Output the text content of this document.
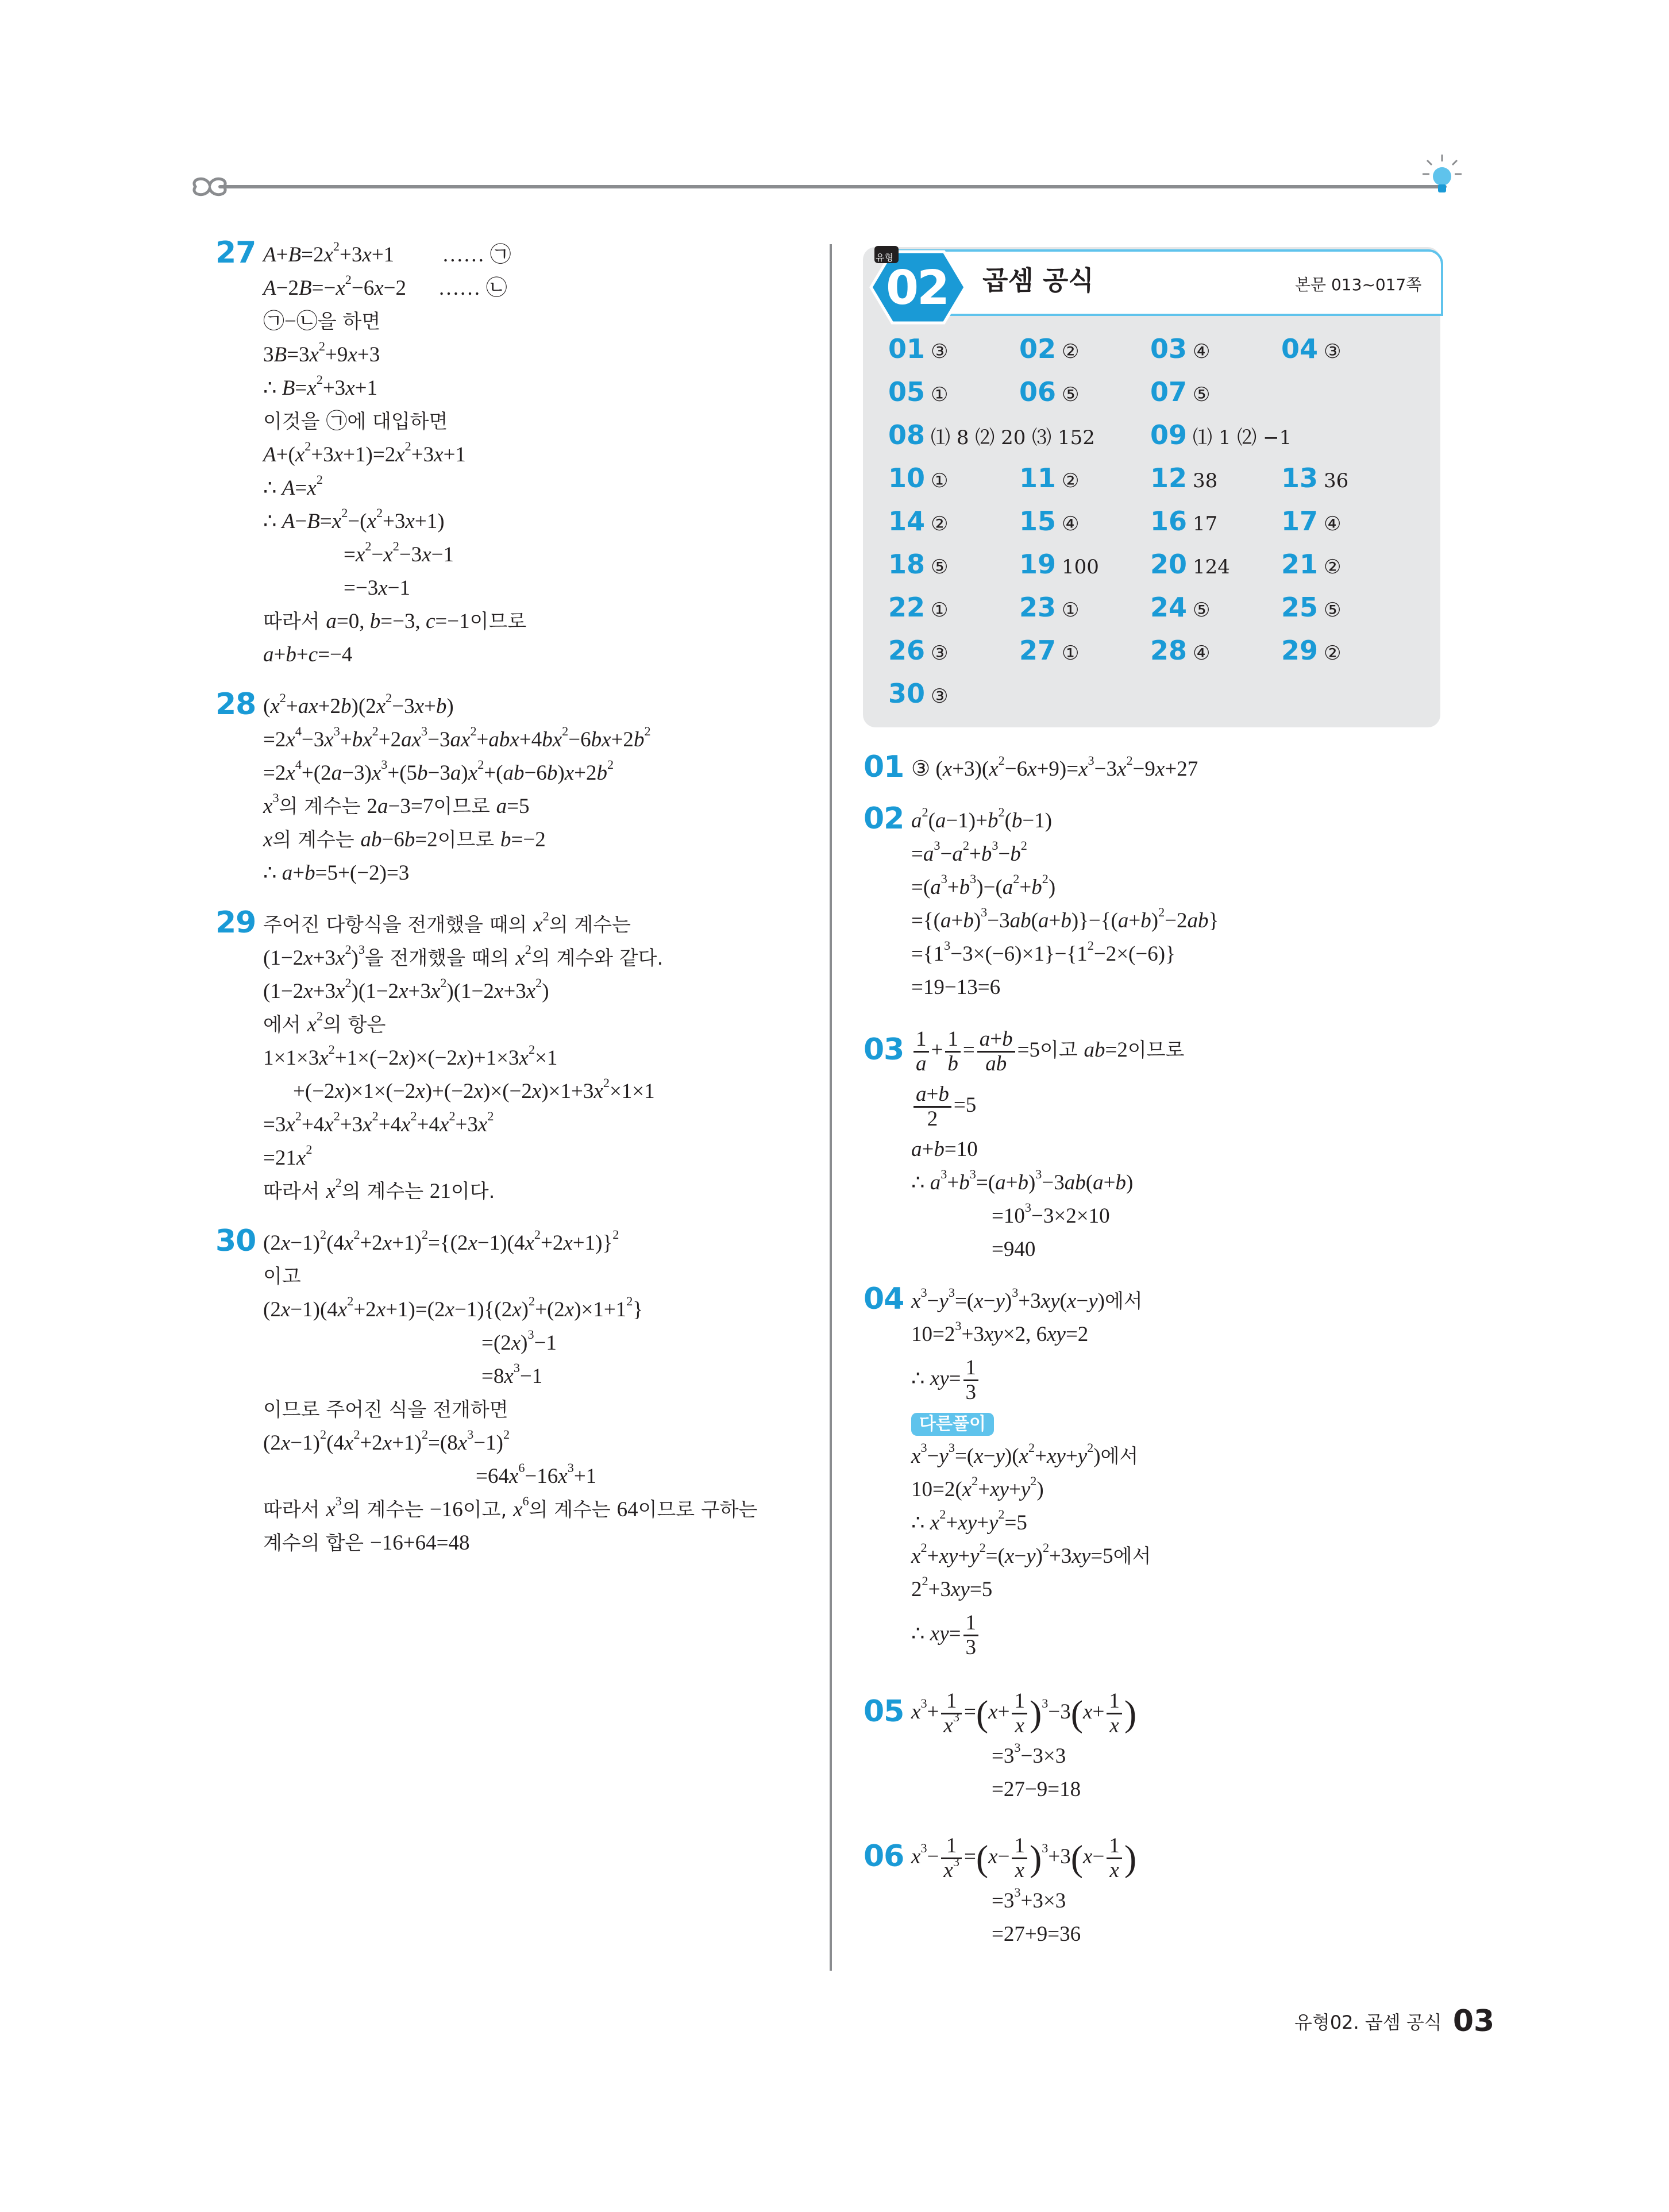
27 $A+B=2x^2+3x+1$         …… ㉠
$A-2B=-x^2-6x-2$      …… ㉡
㉠−㉡을 하면
$3B=3x^2+9x+3$
∴ $B=x^2+3x+1$
이것을 ㉠에 대입하면
$A+(x^2+3x+1)=2x^2+3x+1$
∴ $A=x^2$
∴ $A-B=x^2-(x^2+3x+1)$
$=x^2-x^2-3x-1$
=−3x−1
따라서 a=0, b=−3, c=−1이므로
a+b+c=−4
28 $(x^2+ax+2b)(2x^2-3x+b)$
$=2x^4-3x^3+bx^2+2ax^3-3ax^2+abx+4bx^2-6bx+2b^2$
$=2x^4+(2a-3)x^3+(5b-3a)x^2+(ab-6b)x+2b^2$
$x^3$의 계수는 2a−3=7이므로 a=5
x의 계수는 ab−6b=2이므로 b=−2
∴ a+b=5+(−2)=3
29 주어진 다항식을 전개했을 때의 $x^2$의 계수는
$(1-2x+3x^2)^3$을 전개했을 때의 $x^2$의 계수와 같다.
$(1-2x+3x^2)(1-2x+3x^2)(1-2x+3x^2)$
에서 $x^2$의 항은
$1\times 1\times 3x^2+1\times(-2x)\times(-2x)+1\times 3x^2\times 1$
$+(-2x)\times 1\times(-2x)+(-2x)\times(-2x)\times 1+3x^2\times 1\times 1$
$=3x^2+4x^2+3x^2+4x^2+4x^2+3x^2$
$=21x^2$
따라서 $x^2$의 계수는 21이다.
30 $(2x-1)^2(4x^2+2x+1)^2=\{(2x-1)(4x^2+2x+1)\}^2$
이고
$(2x-1)(4x^2+2x+1)=(2x-1)\{(2x)^2+(2x)\times 1+1^2\}$
$=(2x)^3-1$
$=8x^3-1$
이므로 주어진 식을 전개하면
$(2x-1)^2(4x^2+2x+1)^2=(8x^3-1)^2$
$=64x^6-16x^3+1$
따라서 $x^3$의 계수는 −16이고, $x^6$의 계수는 64이므로 구하는
계수의 합은 −16+64=48
유형
02 곱셈 공식	본문 013~017쪽
01 ③	02 ②	03 ④	04 ③
05 ①	06 ⑤	07 ⑤
08 ⑴ 8 ⑵ 20 ⑶ 152 09 ⑴ 1 ⑵ −1
10 ①	11 ②	12 38 13 36
14 ②	15 ④	16 17 17 ④
18 ⑤	19 100 20 124 21 ②
22 ①	23 ①	24 ⑤	25 ⑤
26 ③	27 ①	28 ④	29 ②
30 ③
01 ③ $(x+3)(x^2-6x+9)=x^3-3x^2-9x+27$
02 $a^2(a-1)+b^2(b-1)$
$=a^3-a^2+b^3-b^2$
$=(a^3+b^3)-(a^2+b^2)$
$=\{(a+b)^3-3ab(a+b)\}-\{(a+b)^2-2ab\}$
$=\{1^3-3\times(-6)\times 1\}-\{1^2-2\times(-6)\}$
=19−13=6
$03 \frac{1}{a} + \frac{1}{b} = \frac{a+b}{ab} =5$이고 ab=2이므로
$\frac{a+b}{2} =5$
a+b=10
∴ $a^3+b^3=(a+b)^3-3ab(a+b)$
$=10^3-3\times 2\times 10$
=940
04 $x^3-y^3=(x-y)^3+3xy(x-y)$에서
$10=2^3+3xy\times 2$, 6xy=2
∴ $xy= \frac{1}{3}$
다른풀이
$x^3-y^3=(x-y)(x^2+xy+y^2)$에서
$10=2(x^2+xy+y^2)$
∴ $x^2+xy+y^2=5$
$x^2+xy+y^2=(x-y)^2+3xy=5$에서
$2^2+3xy=5$
∴ $xy= \frac{1}{3}$
05 $x^3+ \frac{1}{x^3} =(x+ \frac{1}{x} )^3-3(x+ \frac{1}{x}$ )
$=3^3-3\times 3$
=27−9=18
06 $x^3- \frac{1}{x^3} =(x- \frac{1}{x} )^3+3(x- \frac{1}{x}$ )
$=3^3+3\times 3$
=27+9=36
유형02. 곱셈 공식 03
